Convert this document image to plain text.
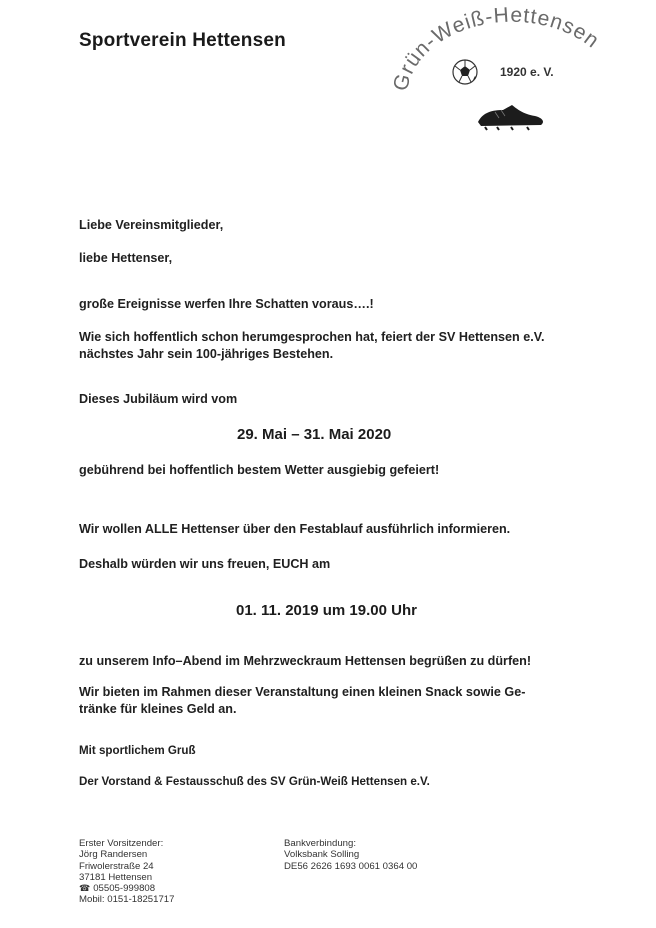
Sportverein Hettensen
Grün-Weiß-Hettensen
1920 e. V.
Liebe Vereinsmitglieder,
liebe Hettenser,
große Ereignisse werfen Ihre Schatten voraus….!
Wie sich hoffentlich schon herumgesprochen hat, feiert der SV Hettensen e.V.
nächstes Jahr sein 100-jähriges Bestehen.
Dieses Jubiläum wird vom
29. Mai – 31. Mai 2020
gebührend bei hoffentlich bestem Wetter ausgiebig gefeiert!
Wir wollen ALLE Hettenser über den Festablauf ausführlich informieren.
Deshalb würden wir uns freuen, EUCH am
01. 11. 2019 um 19.00 Uhr
zu unserem Info–Abend im Mehrzweckraum Hettensen begrüßen zu dürfen!
Wir bieten im Rahmen dieser Veranstaltung einen kleinen Snack sowie Ge-
tränke für kleines Geld an.
Mit sportlichem Gruß
Der Vorstand & Festausschuß des SV Grün-Weiß Hettensen e.V.
Erster Vorsitzender:
Jörg Randersen
Friwolerstraße 24
37181 Hettensen
☎ 05505-999808
Mobil: 0151-18251717
Bankverbindung:
Volksbank Solling
DE56 2626 1693 0061 0364 00
